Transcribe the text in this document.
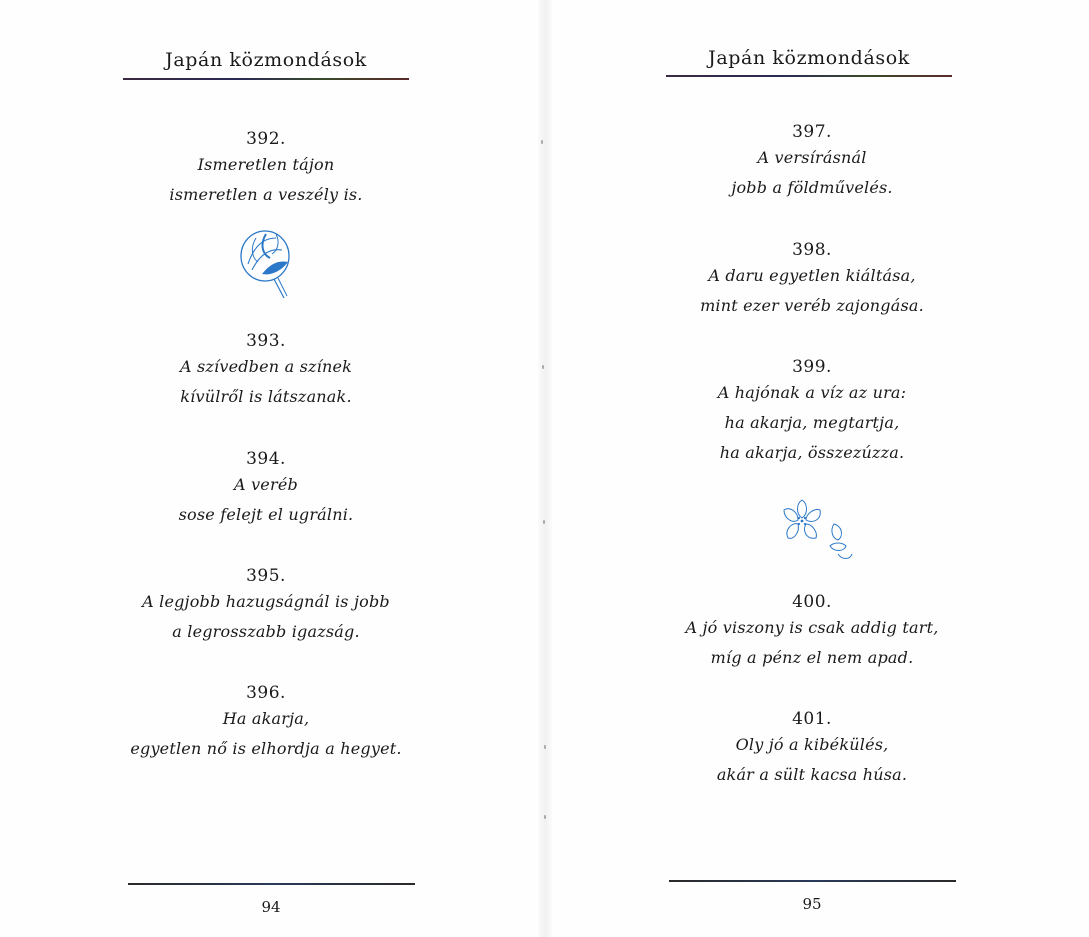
Japán közmondások
392.
Ismeretlen tájon
ismeretlen a veszély is.
393.
A szívedben a színek
kívülről is látszanak.
394.
A veréb
sose felejt el ugrálni.
395.
A legjobb hazugságnál is jobb
a legrosszabb igazság.
396.
Ha akarja,
egyetlen nő is elhordja a hegyet.
94
Japán közmondások
397.
A versírásnál
jobb a földművelés.
398.
A daru egyetlen kiáltása,
mint ezer veréb zajongása.
399.
A hajónak a víz az ura:
ha akarja, megtartja,
ha akarja, összezúzza.
400.
A jó viszony is csak addig tart,
míg a pénz el nem apad.
401.
Oly jó a kibékülés,
akár a sült kacsa húsa.
95
